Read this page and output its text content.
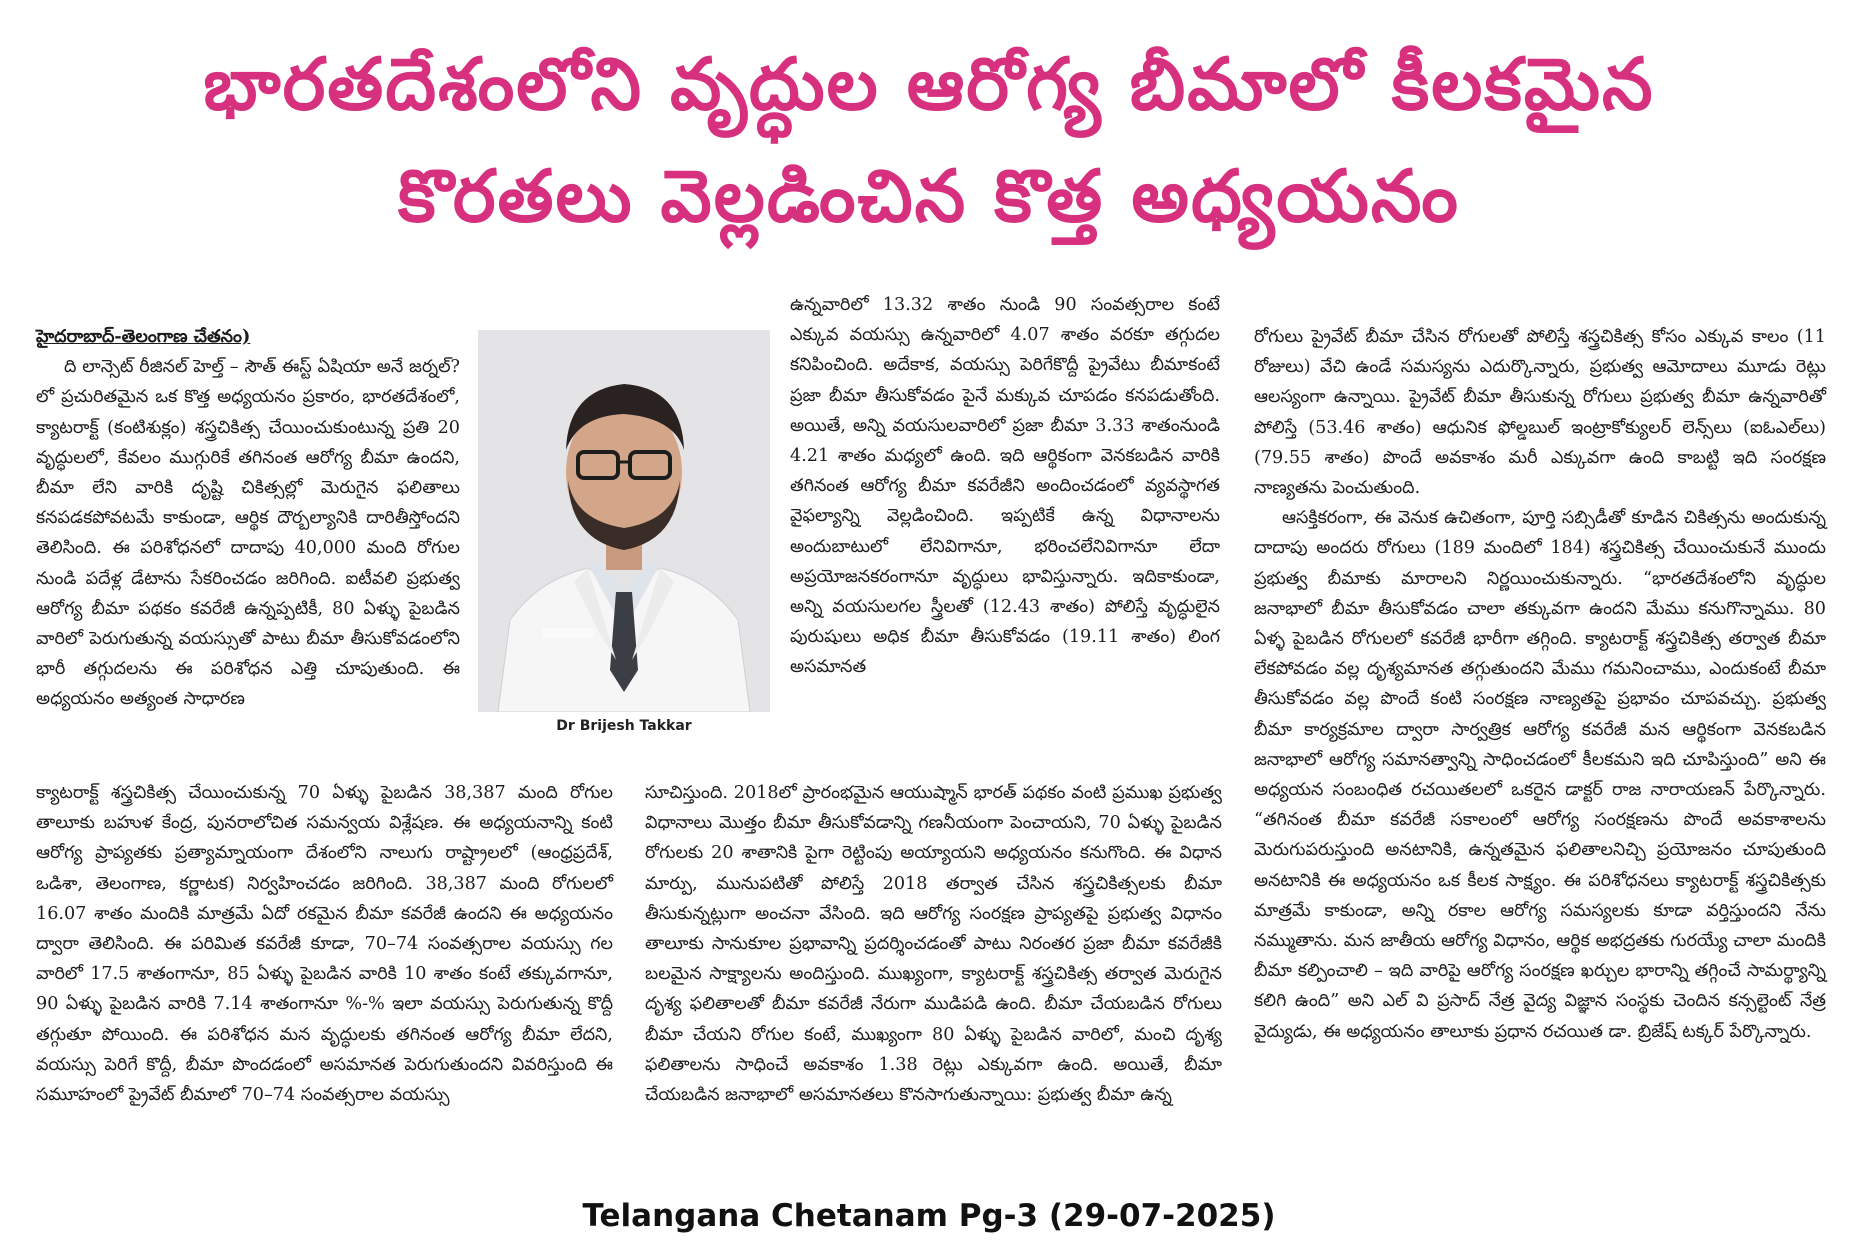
భారతదేశంలోని వృద్ధుల ఆరోగ్య బీమాలో కీలకమైన
కొరతలు వెల్లడించిన కొత్త అధ్యయనం

హైదరాబాద్-తెలంగాణ చేతనం)

ది లాన్సెట్ రీజినల్ హెల్త్ – సౌత్ ఈస్ట్ ఏషియా అనే జర్నల్?లో ప్రచురితమైన ఒక కొత్త అధ్యయనం ప్రకారం, భారతదేశంలో, క్యాటరాక్ట్ (కంటిశుక్లం) శస్త్రచికిత్స చేయించుకుంటున్న ప్రతి 20 వృద్ధులలో, కేవలం ముగ్గురికే తగినంత ఆరోగ్య బీమా ఉందని, బీమా లేని వారికి దృష్టి చికిత్సల్లో మెరుగైన ఫలితాలు కనపడకపోవటమే కాకుండా, ఆర్థిక దౌర్బల్యానికి దారితీస్తోందని తెలిసింది. ఈ పరిశోధనలో దాదాపు 40,000 మంది రోగుల నుండి పదేళ్ల డేటాను సేకరించడం జరిగింది. ఐటీవలి ప్రభుత్వ ఆరోగ్య బీమా పథకం కవరేజీ ఉన్నప్పటికీ, 80 ఏళ్ళు పైబడిన వారిలో పెరుగుతున్న వయస్సుతో పాటు బీమా తీసుకోవడంలోని భారీ తగ్గుదలను ఈ పరిశోధన ఎత్తి చూపుతుంది. ఈ అధ్యయనం అత్యంత సాధారణ

Dr Brijesh Takkar

క్యాటరాక్ట్ శస్త్రచికిత్స చేయించుకున్న 70 ఏళ్ళు పైబడిన 38,387 మంది రోగుల తాలూకు బహుళ కేంద్ర, పునరాలోచిత సమన్వయ విశ్లేషణ. ఈ అధ్యయనాన్ని కంటి ఆరోగ్య ప్రాప్యతకు ప్రత్యామ్నాయంగా దేశంలోని నాలుగు రాష్ట్రాలలో (ఆంధ్రప్రదేశ్, ఒడిశా, తెలంగాణ, కర్ణాటక) నిర్వహించడం జరిగింది. 38,387 మంది రోగులలో 16.07 శాతం మందికి మాత్రమే ఏదో రకమైన బీమా కవరేజీ ఉందని ఈ అధ్యయనం ద్వారా తెలిసింది. ఈ పరిమిత కవరేజీ కూడా, 70–74 సంవత్సరాల వయస్సు గల వారిలో 17.5 శాతంగానూ, 85 ఏళ్ళు పైబడిన వారికి 10 శాతం కంటే తక్కువగానూ, 90 ఏళ్ళు పైబడిన వారికి 7.14 శాతంగానూ %-% ఇలా వయస్సు పెరుగుతున్న కొద్దీ తగ్గుతూ పోయింది. ఈ పరిశోధన మన వృద్ధులకు తగినంత ఆరోగ్య బీమా లేదని, వయస్సు పెరిగే కొద్దీ, బీమా పొందడంలో అసమానత పెరుగుతుందని వివరిస్తుంది ఈ సమూహంలో ప్రైవేట్ బీమాలో 70–74 సంవత్సరాల వయస్సు

ఉన్నవారిలో 13.32 శాతం నుండి 90 సంవత్సరాల కంటే ఎక్కువ వయస్సు ఉన్నవారిలో 4.07 శాతం వరకూ తగ్గుదల కనిపించింది. అదేకాక, వయస్సు పెరిగేకొద్దీ ప్రైవేటు బీమాకంటే ప్రజా బీమా తీసుకోవడం పైనే మక్కువ చూపడం కనపడుతోంది. అయితే, అన్ని వయసులవారిలో ప్రజా బీమా 3.33 శాతంనుండి 4.21 శాతం మధ్యలో ఉంది. ఇది ఆర్థికంగా వెనకబడిన వారికి తగినంత ఆరోగ్య బీమా కవరేజీని అందించడంలో వ్యవస్థాగత వైఫల్యాన్ని వెల్లడించింది. ఇప్పటికే ఉన్న విధానాలను అందుబాటులో లేనివిగానూ, భరించలేనివిగానూ లేదా అప్రయోజనకరంగానూ వృద్ధులు భావిస్తున్నారు. ఇదికాకుండా, అన్ని వయసులగల స్త్రీలతో (12.43 శాతం) పోలిస్తే వృద్ధులైన పురుషులు అధిక బీమా తీసుకోవడం (19.11 శాతం) లింగ అసమానత

సూచిస్తుంది. 2018లో ప్రారంభమైన ఆయుష్మాన్ భారత్ పథకం వంటి ప్రముఖ ప్రభుత్వ విధానాలు మొత్తం బీమా తీసుకోవడాన్ని గణనీయంగా పెంచాయని, 70 ఏళ్ళు పైబడిన రోగులకు 20 శాతానికి పైగా రెట్టింపు అయ్యాయని అధ్యయనం కనుగొంది. ఈ విధాన మార్పు, మునుపటితో పోలిస్తే 2018 తర్వాత చేసిన శస్త్రచికిత్సలకు బీమా తీసుకున్నట్లుగా అంచనా వేసింది. ఇది ఆరోగ్య సంరక్షణ ప్రాప్యతపై ప్రభుత్వ విధానం తాలూకు సానుకూల ప్రభావాన్ని ప్రదర్శించడంతో పాటు నిరంతర ప్రజా బీమా కవరేజీకి బలమైన సాక్ష్యాలను అందిస్తుంది. ముఖ్యంగా, క్యాటరాక్ట్ శస్త్రచికిత్స తర్వాత మెరుగైన దృశ్య ఫలితాలతో బీమా కవరేజీ నేరుగా ముడిపడి ఉంది. బీమా చేయబడిన రోగులు బీమా చేయని రోగుల కంటే, ముఖ్యంగా 80 ఏళ్ళు పైబడిన వారిలో, మంచి దృశ్య ఫలితాలను సాధించే అవకాశం 1.38 రెట్లు ఎక్కువగా ఉంది. అయితే, బీమా చేయబడిన జనాభాలో అసమానతలు కొనసాగుతున్నాయి: ప్రభుత్వ బీమా ఉన్న

రోగులు ప్రైవేట్ బీమా చేసిన రోగులతో పోలిస్తే శస్త్రచికిత్స కోసం ఎక్కువ కాలం (11 రోజులు) వేచి ఉండే సమస్యను ఎదుర్కొన్నారు, ప్రభుత్వ ఆమోదాలు మూడు రెట్లు ఆలస్యంగా ఉన్నాయి. ప్రైవేట్ బీమా తీసుకున్న రోగులు ప్రభుత్వ బీమా ఉన్నవారితో పోలిస్తే (53.46 శాతం) ఆధునిక ఫోల్డబుల్ ఇంట్రాకోక్యులర్ లెన్స్‌లు (ఐఓఎల్‌లు) (79.55 శాతం) పొందే అవకాశం మరీ ఎక్కువగా ఉంది కాబట్టి ఇది సంరక్షణ నాణ్యతను పెంచుతుంది.

ఆసక్తికరంగా, ఈ వెనుక ఉచితంగా, పూర్తి సబ్సిడీతో కూడిన చికిత్సను అందుకున్న దాదాపు అందరు రోగులు (189 మందిలో 184) శస్త్రచికిత్స చేయించుకునే ముందు ప్రభుత్వ బీమాకు మారాలని నిర్ణయించుకున్నారు. “భారతదేశంలోని వృద్ధుల జనాభాలో బీమా తీసుకోవడం చాలా తక్కువగా ఉందని మేము కనుగొన్నాము. 80 ఏళ్ళ పైబడిన రోగులలో కవరేజీ భారీగా తగ్గింది. క్యాటరాక్ట్ శస్త్రచికిత్స తర్వాత బీమా లేకపోవడం వల్ల దృశ్యమానత తగ్గుతుందని మేము గమనించాము, ఎందుకంటే బీమా తీసుకోవడం వల్ల పొందే కంటి సంరక్షణ నాణ్యతపై ప్రభావం చూపవచ్చు. ప్రభుత్వ బీమా కార్యక్రమాల ద్వారా సార్వత్రిక ఆరోగ్య కవరేజీ మన ఆర్థికంగా వెనకబడిన జనాభాలో ఆరోగ్య సమానత్వాన్ని సాధించడంలో కీలకమని ఇది చూపిస్తుంది” అని ఈ అధ్యయన సంబంధిత రచయితలలో ఒకరైన డాక్టర్ రాజ నారాయణన్ పేర్కొన్నారు. “తగినంత బీమా కవరేజీ సకాలంలో ఆరోగ్య సంరక్షణను పొందే అవకాశాలను మెరుగుపరుస్తుంది అనటానికి, ఉన్నతమైన ఫలితాలనిచ్చి ప్రయోజనం చూపుతుంది అనటానికి ఈ అధ్యయనం ఒక కీలక సాక్ష్యం. ఈ పరిశోధనలు క్యాటరాక్ట్ శస్త్రచికిత్సకు మాత్రమే కాకుండా, అన్ని రకాల ఆరోగ్య సమస్యలకు కూడా వర్తిస్తుందని నేను నమ్ముతాను. మన జాతీయ ఆరోగ్య విధానం, ఆర్థిక అభద్రతకు గురయ్యే చాలా మందికి బీమా కల్పించాలి – ఇది వారిపై ఆరోగ్య సంరక్షణ ఖర్చుల భారాన్ని తగ్గించే సామర్థ్యాన్ని కలిగి ఉంది” అని ఎల్ వి ప్రసాద్ నేత్ర వైద్య విజ్ఞాన సంస్థకు చెందిన కన్సల్టెంట్ నేత్ర వైద్యుడు, ఈ అధ్యయనం తాలూకు ప్రధాన రచయిత డా. బ్రిజేష్ టక్కర్ పేర్కొన్నారు.

Telangana Chetanam Pg-3 (29-07-2025)
